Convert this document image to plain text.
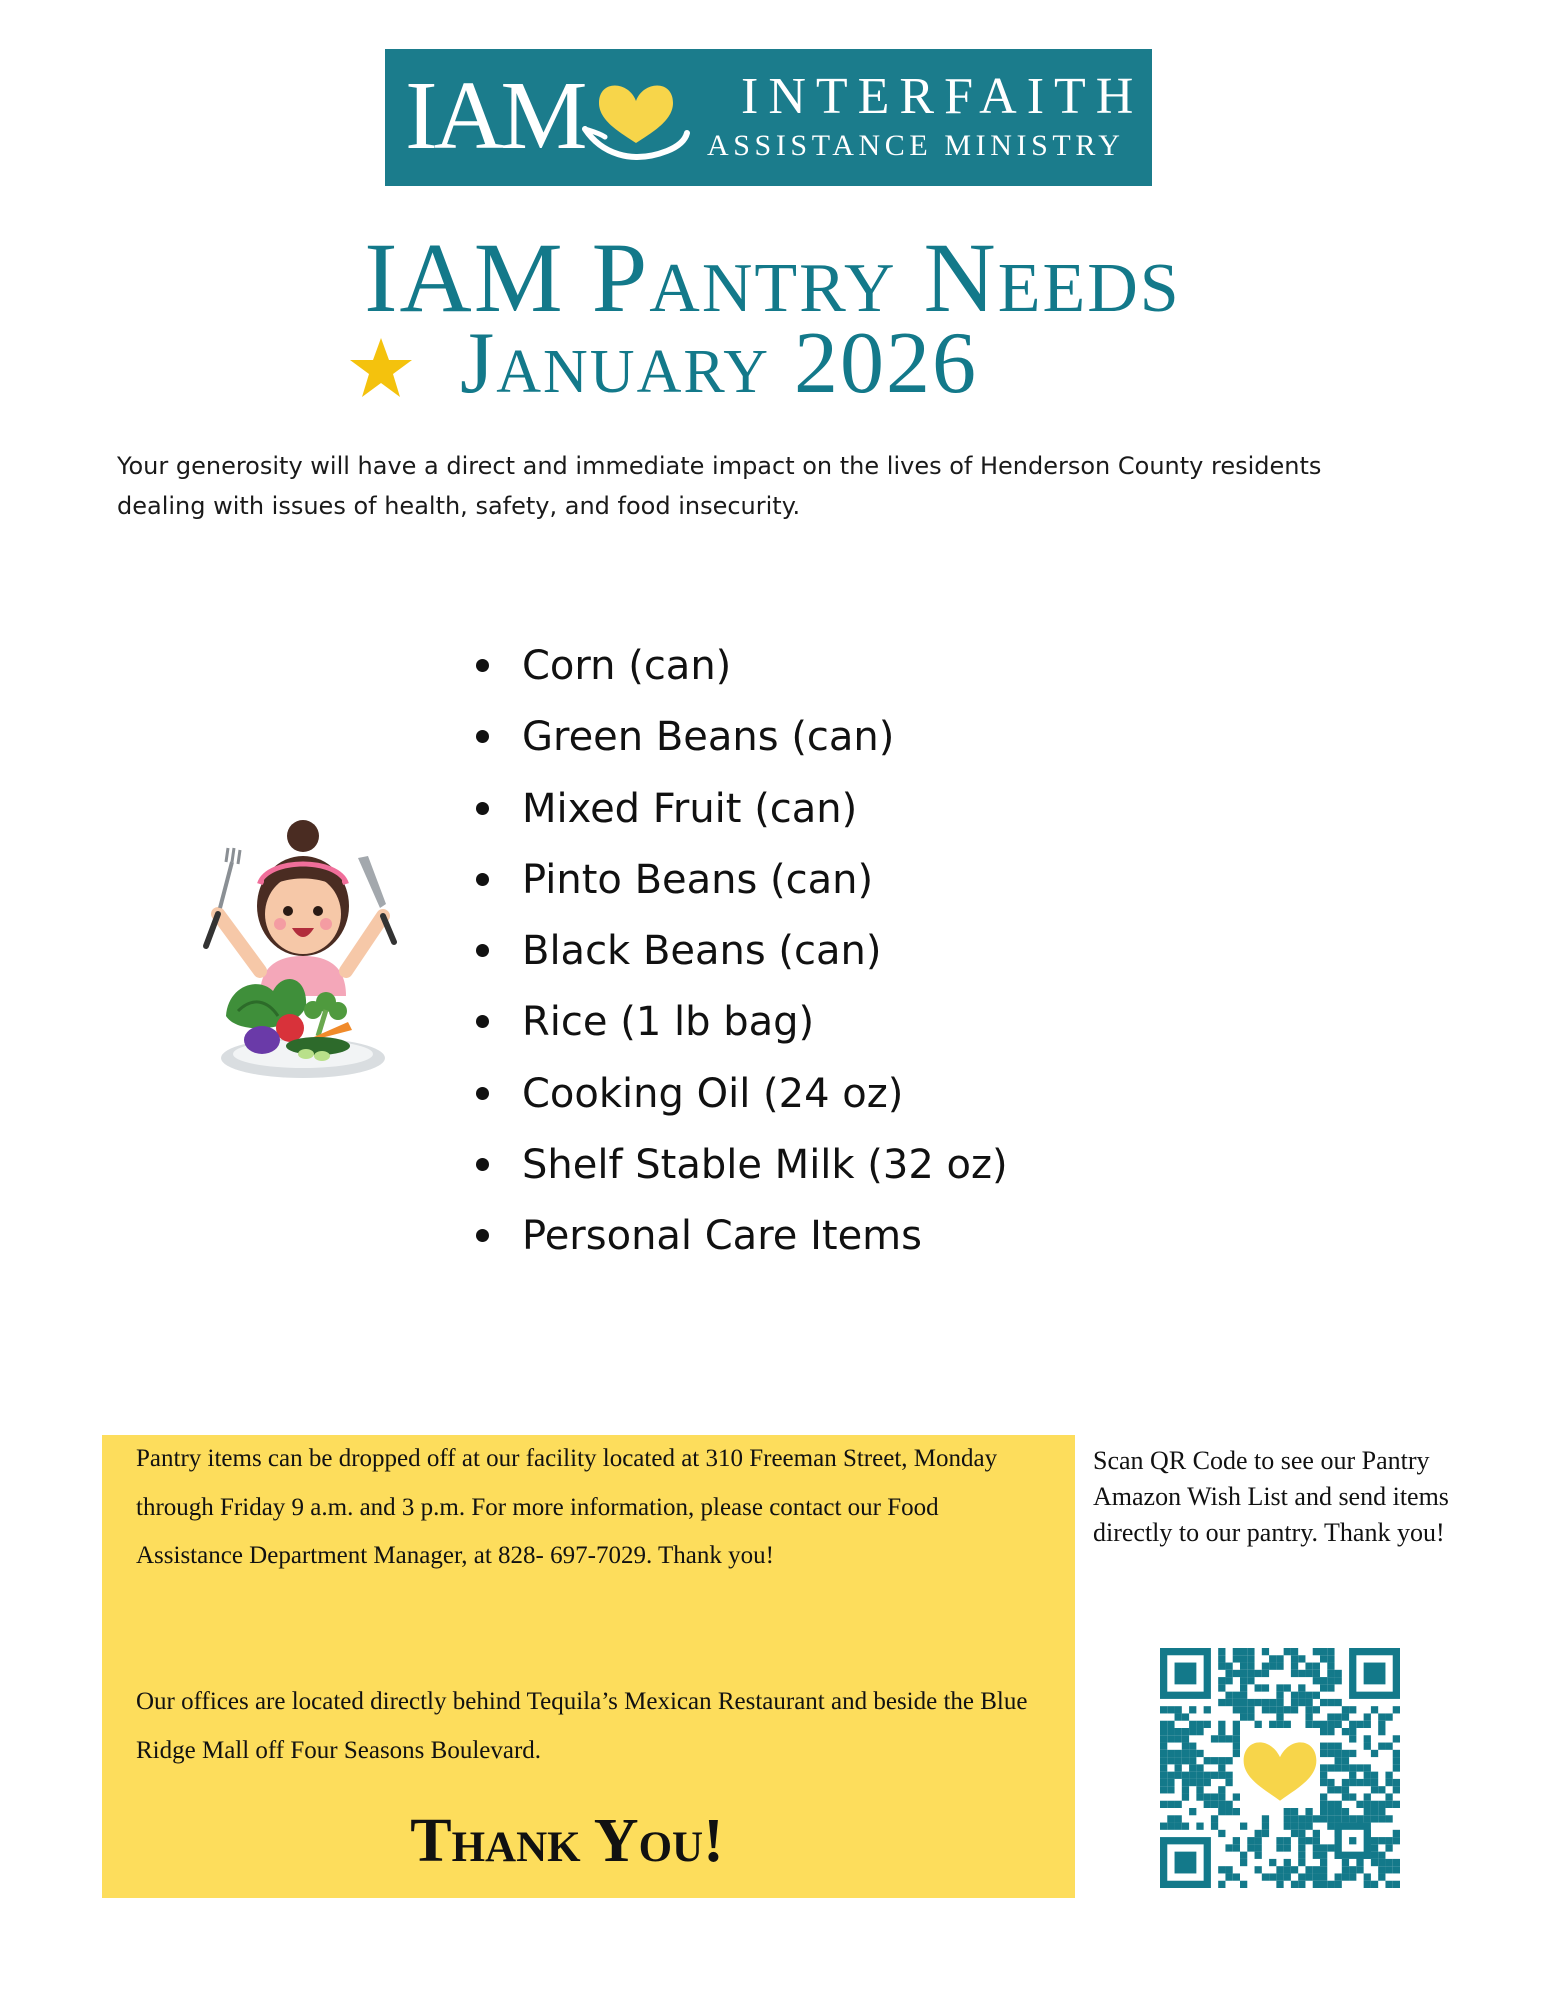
IAM	INTERFAITH
ASSISTANCE MINISTRY
IAM Pantry Needs
January 2026
Your generosity will have a direct and immediate impact on the lives of Henderson County residents dealing with issues of health, safety, and food insecurity.
Corn (can)
Green Beans (can)
Mixed Fruit (can)
Pinto Beans (can)
Black Beans (can)
Rice (1 lb bag)
Cooking Oil (24 oz)
Shelf Stable Milk (32 oz)
Personal Care Items
Pantry items can be dropped off at our facility located at 310 Freeman Street, Monday through Friday 9 a.m. and 3 p.m. For more information, please contact our Food Assistance Department Manager, at 828- 697-7029. Thank you!
Our offices are located directly behind Tequila’s Mexican Restaurant and beside the Blue Ridge Mall off Four Seasons Boulevard.
Thank You!
Scan QR Code to see our Pantry Amazon Wish List and send items directly to our pantry. Thank you!
